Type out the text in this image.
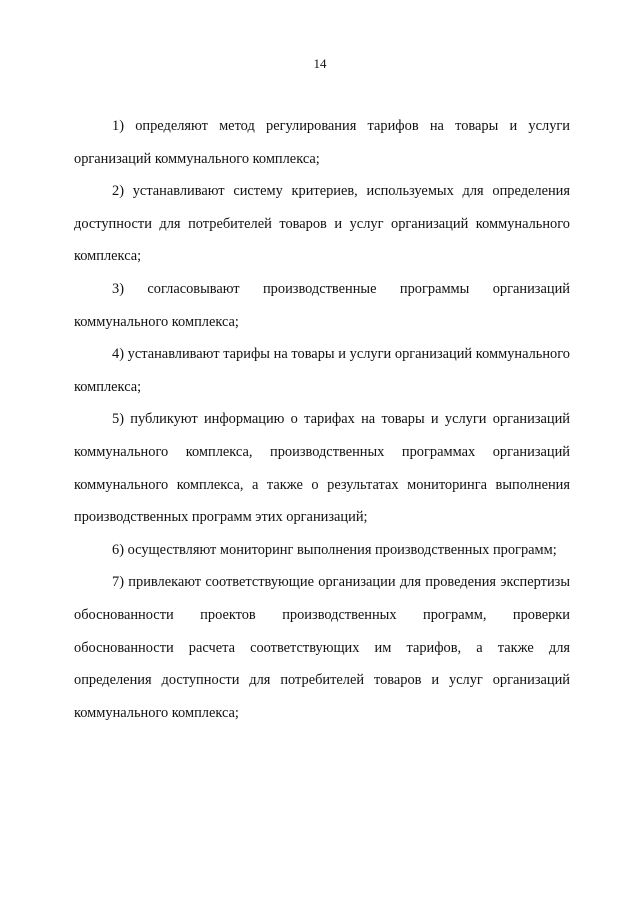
14

1) определяют метод регулирования тарифов на товары и услуги организаций коммунального комплекса;

2) устанавливают систему критериев, используемых для определения доступности для потребителей товаров и услуг организаций коммунального комплекса;

3) согласовывают производственные программы организаций коммунального комплекса;

4) устанавливают тарифы на товары и услуги организаций коммунального комплекса;

5) публикуют информацию о тарифах на товары и услуги организаций коммунального комплекса, производственных программах организаций коммунального комплекса, а также о результатах мониторинга выполнения производственных программ этих организаций;

6) осуществляют мониторинг выполнения производственных программ;

7) привлекают соответствующие организации для проведения экспертизы обоснованности проектов производственных программ, проверки обоснованности расчета соответствующих им тарифов, а также для определения доступности для потребителей товаров и услуг организаций коммунального комплекса;
